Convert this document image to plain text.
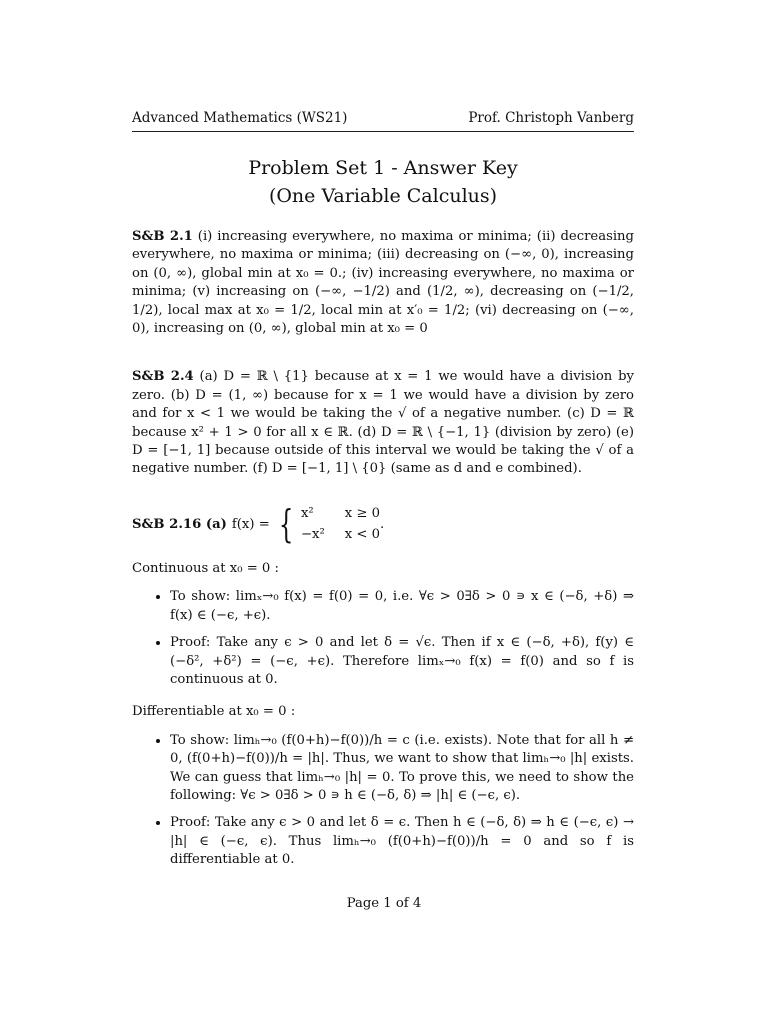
Advanced Mathematics (WS21)	Prof. Christoph Vanberg
Problem Set 1 - Answer Key
(One Variable Calculus)

S&B 2.1 (i) increasing everywhere, no maxima or minima; (ii) decreasing everywhere, no maxima or minima; (iii) decreasing on (−∞, 0), increasing on (0, ∞), global min at x₀ = 0.; (iv) increasing everywhere, no maxima or minima; (v) increasing on (−∞, −1/2) and (1/2, ∞), decreasing on (−1/2, 1/2), local max at x₀ = 1/2, local min at x′₀ = 1/2; (vi) decreasing on (−∞, 0), increasing on (0, ∞), global min at x₀ = 0

S&B 2.4 (a) D = ℝ \ {1} because at x = 1 we would have a division by zero. (b) D = (1, ∞) because for x = 1 we would have a division by zero and for x < 1 we would be taking the √ of a negative number. (c) D = ℝ because x² + 1 > 0 for all x ∈ ℝ. (d) D = ℝ \ {−1, 1} (division by zero) (e) D = [−1, 1] because outside of this interval we would be taking the √ of a negative number. (f) D = [−1, 1] \ {0} (same as d and e combined).

S&B 2.16 (a) f(x) = { x²	x ≥ 0
−x² x < 0
.

Continuous at x₀ = 0 :

• To show: limₓ→₀ f(x) = f(0) = 0, i.e. ∀ϵ > 0∃δ > 0 ∍ x ∈ (−δ, +δ) ⇒ f(x) ∈ (−ϵ, +ϵ).
• Proof: Take any ϵ > 0 and let δ = √ϵ. Then if x ∈ (−δ, +δ), f(y) ∈ (−δ², +δ²) = (−ϵ, +ϵ). Therefore limₓ→₀ f(x) = f(0) and so f is continuous at 0.

Differentiable at x₀ = 0 :

• To show: limₕ→₀ (f(0+h)−f(0))/h = c (i.e. exists). Note that for all h ≠ 0, (f(0+h)−f(0))/h = |h|. Thus, we want to show that limₕ→₀ |h| exists. We can guess that limₕ→₀ |h| = 0. To prove this, we need to show the following: ∀ϵ > 0∃δ > 0 ∍ h ∈ (−δ, δ) ⇒ |h| ∈ (−ϵ, ϵ).
• Proof: Take any ϵ > 0 and let δ = ϵ. Then h ∈ (−δ, δ) ⇒ h ∈ (−ϵ, ϵ) → |h| ∈ (−ϵ, ϵ). Thus limₕ→₀ (f(0+h)−f(0))/h = 0 and so f is differentiable at 0.
Page 1 of 4
